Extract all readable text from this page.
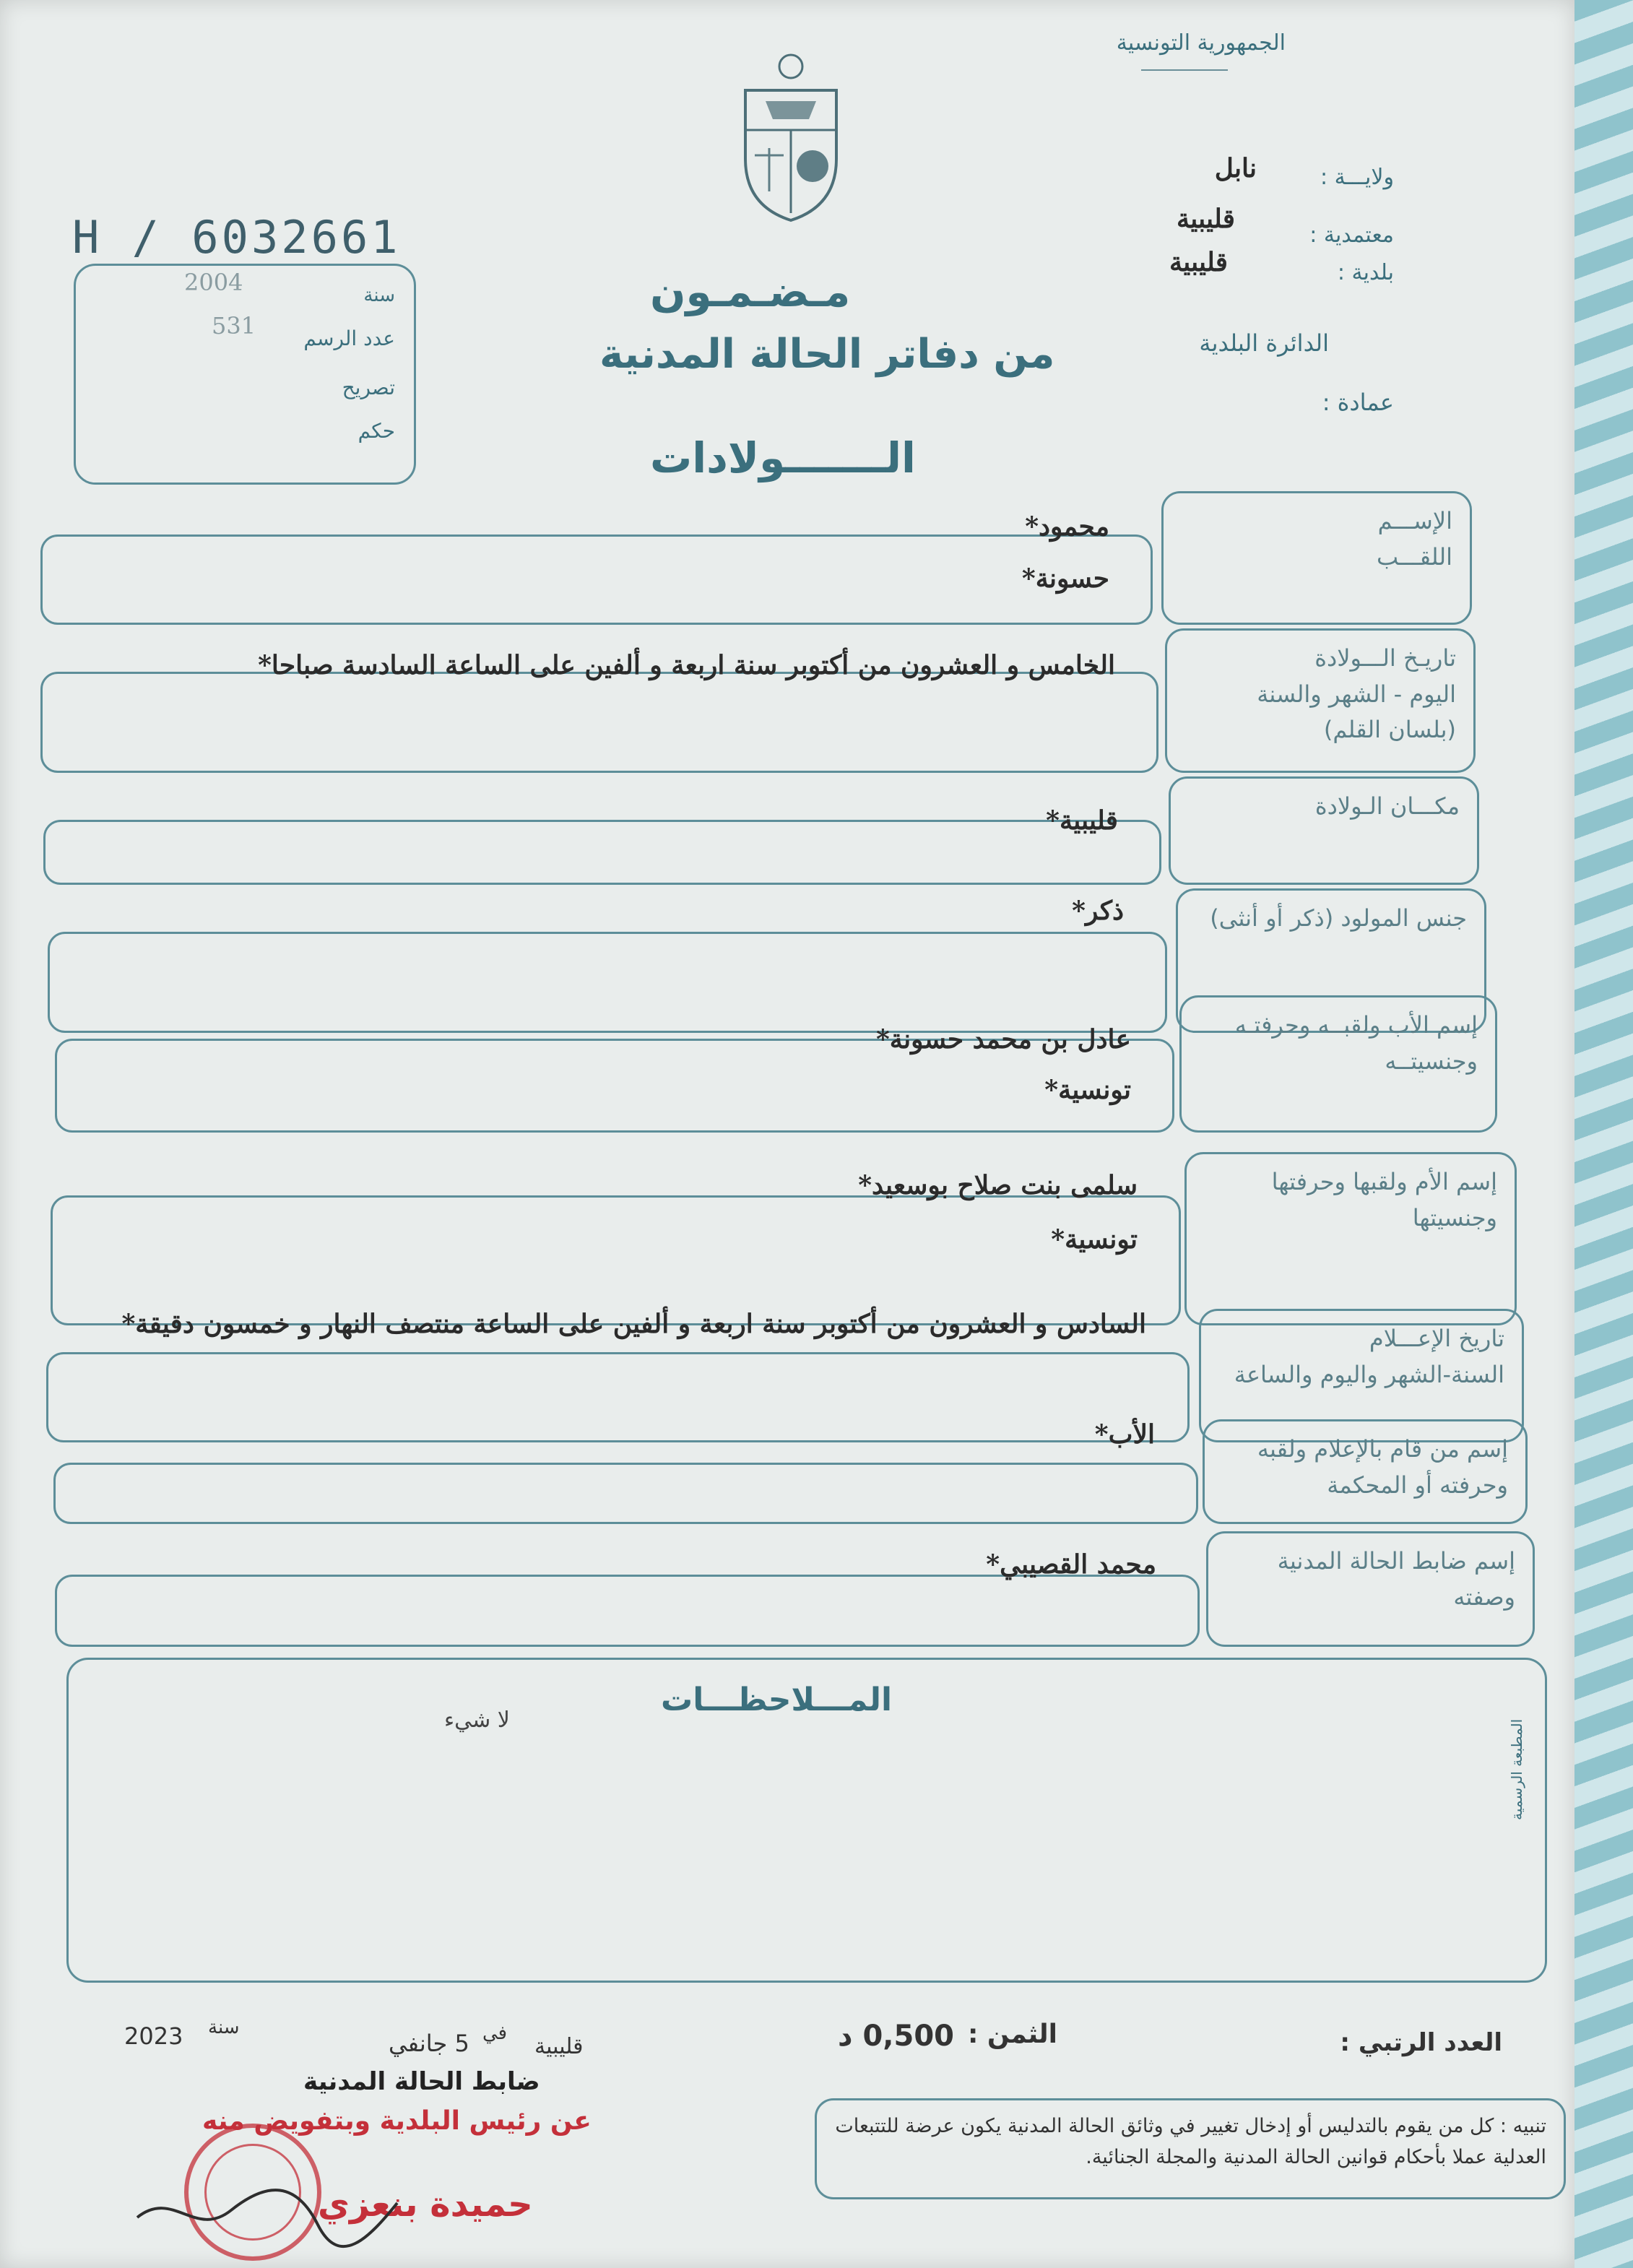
الجمهورية التونسية
ولايـــة :
نابل
معتمدية :
قليبية
بلدية :
قليبية
الدائرة البلدية
عمادة :
H / 6032661
سنة
2004
عدد الرسم
531
تصريح
حكم
مـضـمـون
من دفاتر الحالة المدنية
الـــــــولادات
الإســـم
اللقـــب
محمود*
حسونة*
تاريـخ الـــولادة
اليوم - الشهر والسنة
(بلسان القلم)
الخامس و العشرون من أكتوبر سنة اربعة و ألفين على الساعة السادسة صباحا*
مكـــان الـولادة
قليبية*
جنس المولود (ذكر أو أنثى)
ذكر*
إسم الأب ولقبــه وحرفتـه
وجنسيتــه
عادل بن محمد حسونة*
تونسية*
إسم الأم ولقبها وحرفتها
وجنسيتها
سلمى بنت صلاح بوسعيد*
تونسية*
تاريخ الإعـــلام
السنة-الشهر واليوم والساعة
السادس و العشرون من أكتوبر سنة اربعة و ألفين على الساعة منتصف النهار و خمسون دقيقة*
إسم من قام بالإعلام ولقبه
وحرفته أو المحكمة
الأب*
إسم ضابط الحالة المدنية
وصفته
محمد القصيبي*
المـــلاحظـــات
لا شيء	المطبعة الرسمية
العدد الرتبي :
الثمن :
0,500 د
قليبية
في
5 جانفي
سنة
2023
ضابط الحالة المدنية
عن رئيس البلدية وبتفويض منه
حميدة بنعزي
تنبيه : كل من يقوم بالتدليس أو إدخال تغيير في وثائق الحالة المدنية يكون عرضة للتتبعات العدلية عملا بأحكام قوانين الحالة المدنية والمجلة الجنائية.
